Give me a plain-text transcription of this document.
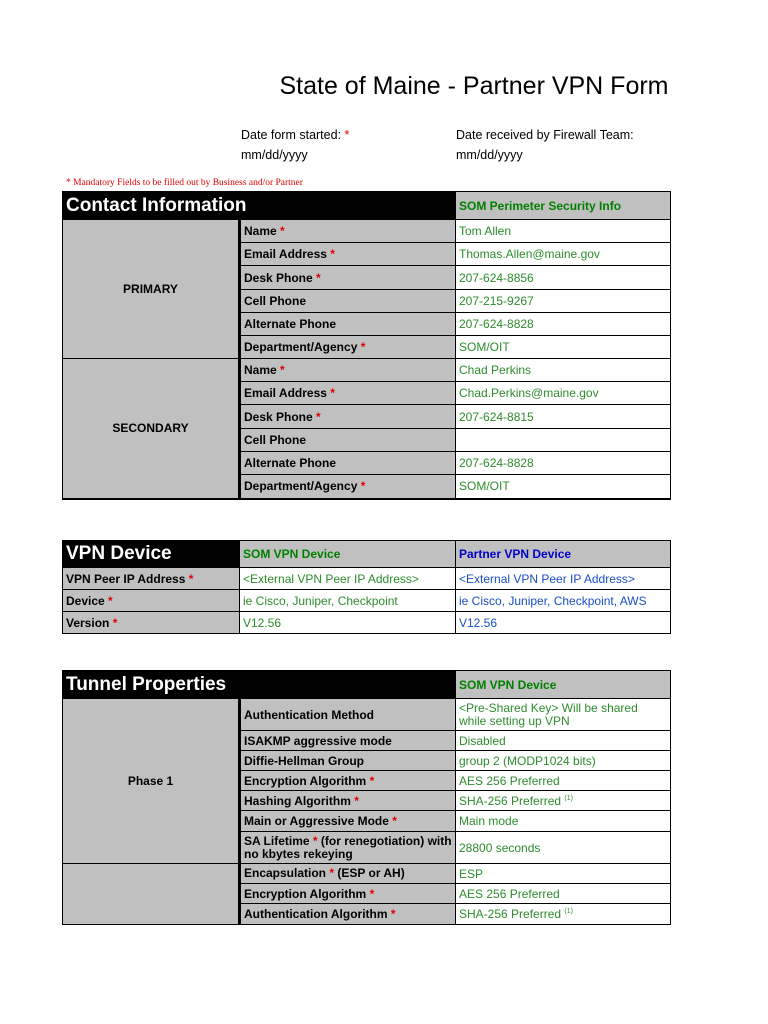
State of Maine - Partner VPN Form
Date form started: *
mm/dd/yyyy
Date received by Firewall Team:
mm/dd/yyyy
* Mandatory Fields to be filled out by Business and/or Partner
Contact Information		SOM Perimeter Security Info
PRIMARY	Name *	Tom Allen
	Email Address *	Thomas.Allen@maine.gov
	Desk Phone *	207-624-8856
	Cell Phone	207-215-9267
	Alternate Phone	207-624-8828
	Department/Agency *	SOM/OIT
SECONDARY	Name *	Chad Perkins
	Email Address *	Chad.Perkins@maine.gov
	Desk Phone *	207-624-8815
	Cell Phone	
	Alternate Phone	207-624-8828
	Department/Agency *	SOM/OIT
VPN Device	SOM VPN Device	Partner VPN Device
VPN Peer IP Address *	<External VPN Peer IP Address>	<External VPN Peer IP Address>
Device *	ie Cisco, Juniper, Checkpoint	ie Cisco, Juniper, Checkpoint, AWS
Version *	V12.56	V12.56
Tunnel Properties		SOM VPN Device
Phase 1	Authentication Method	<Pre-Shared Key> Will be shared while setting up VPN
	ISAKMP aggressive mode	Disabled
	Diffie-Hellman Group	group 2 (MODP1024 bits)
	Encryption Algorithm *	AES 256 Preferred
	Hashing Algorithm *	SHA-256 Preferred $^{(1)}$
	Main or Aggressive Mode *	Main mode
	SA Lifetime * (for renegotiation) with no kbytes rekeying	28800 seconds
	Encapsulation * (ESP or AH)	ESP
	Encryption Algorithm *	AES 256 Preferred
	Authentication Algorithm *	SHA-256 Preferred $^{(1)}$
